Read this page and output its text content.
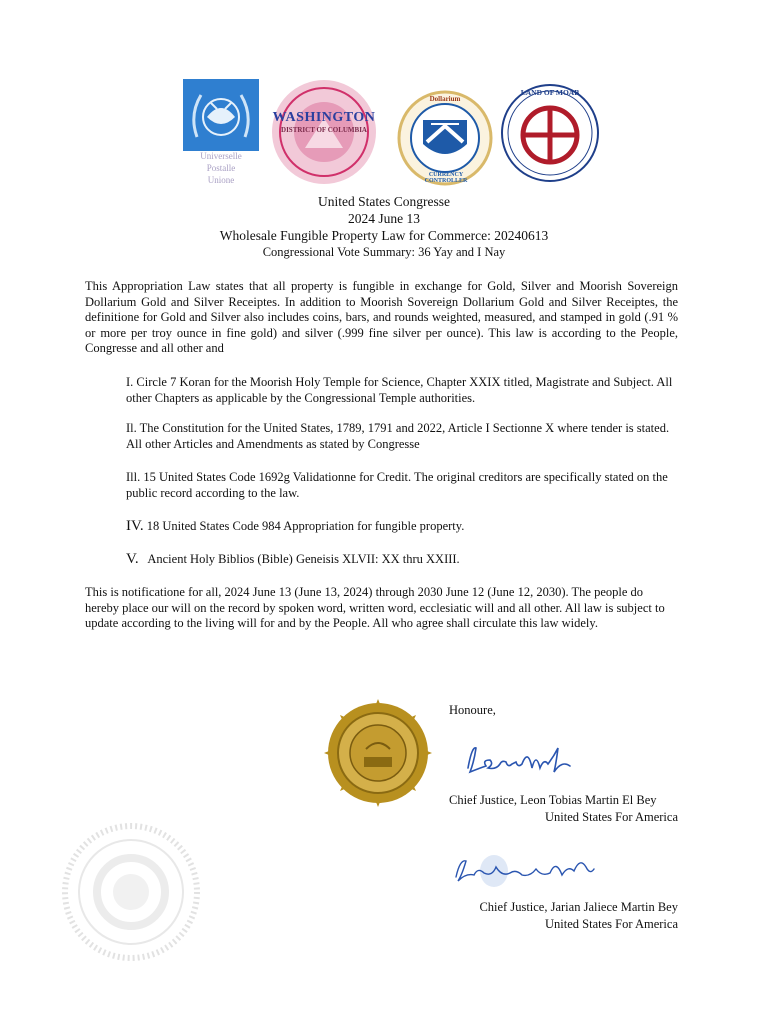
Universelle
Postalle
Unione
WASHINGTON
DISTRICT OF COLUMBIA
Dollarium
CURRENCY CONTROLLER
LAND OF MOAB
United States Congresse
2024 June 13
Wholesale Fungible Property Law for Commerce: 20240613
Congressional Vote Summary: 36 Yay and I Nay
This Appropriation Law states that all property is fungible in exchange for Gold, Silver and Moorish Sovereign Dollarium Gold and Silver Receiptes. In addition to Moorish Sovereign Dollarium Gold and Silver Receiptes, the definitione for Gold and Silver also includes coins, bars, and rounds weighted, measured, and stamped in gold (.91 % or more per troy ounce in fine gold) and silver (.999 fine silver per ounce). This law is according to the People, Congresse and all other and
I. Circle 7 Koran for the Moorish Holy Temple for Science, Chapter XXIX titled, Magistrate and Subject. All other Chapters as applicable by the Congressional Temple authorities.
Il. The Constitution for the United States, 1789, 1791 and 2022, Article I Sectionne X where tender is stated. All other Articles and Amendments as stated by Congresse
Ill. 15 United States Code 1692g Validationne for Credit. The original creditors are specifically stated on the public record according to the law.
IV. 18 United States Code 984 Appropriation for fungible property.
V. Ancient Holy Biblios (Bible) Geneisis XLVII: XX thru XXIII.
This is notificatione for all, 2024 June 13 (June 13, 2024) through 2030 June 12 (June 12, 2030). The people do hereby place our will on the record by spoken word, written word, ecclesiatic will and all other. All law is subject to update according to the living will for and by the People. All who agree shall circulate this law widely.
Honoure,
Chief Justice, Leon Tobias Martin El Bey
United States For America
Chief Justice, Jarian Jaliece Martin Bey
United States For America
